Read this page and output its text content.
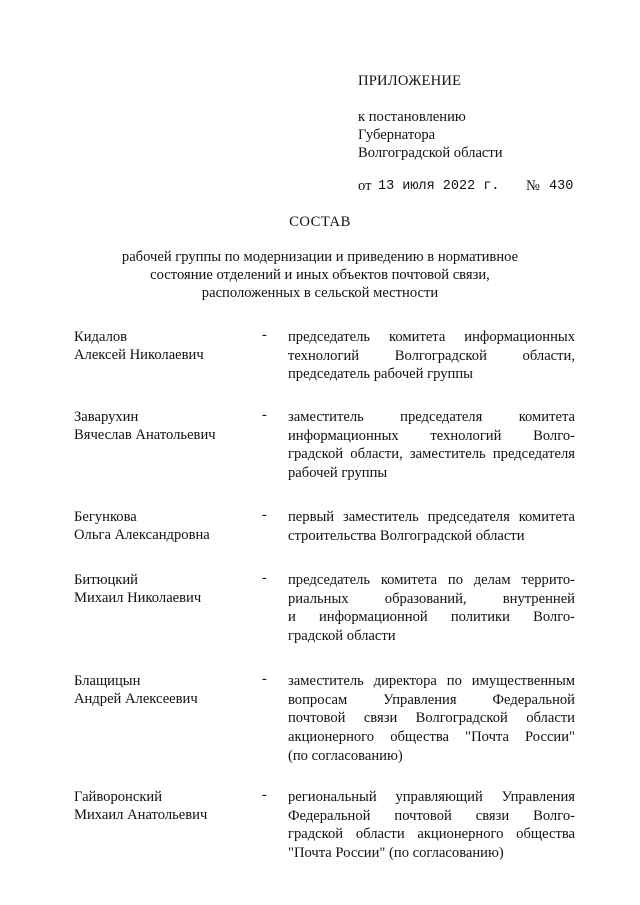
ПРИЛОЖЕНИЕ
к постановлению
Губернатора
Волгоградской области
от 13 июля 2022 г. № 430
СОСТАВ
рабочей группы по модернизации и приведению в нормативное
состояние отделений и иных объектов почтовой связи,
расположенных в сельской местности
Кидалов
Алексей Николаевич
- председатель комитета информационных
технологий Волгоградской области,
председатель рабочей группы
Заварухин
Вячеслав Анатольевич
- заместитель председателя комитета
информационных технологий Волго-
градской области, заместитель председателя
рабочей группы
Бегункова
Ольга Александровна
- первый заместитель председателя комитета
строительства Волгоградской области
Битюцкий
Михаил Николаевич
- председатель комитета по делам террито-
риальных образований, внутренней
и информационной политики Волго-
градской области
Блащицын
Андрей Алексеевич
- заместитель директора по имущественным
вопросам Управления Федеральной
почтовой связи Волгоградской области
акционерного общества "Почта России"
(по согласованию)
Гайворонский
Михаил Анатольевич
- региональный управляющий Управления
Федеральной почтовой связи Волго-
градской области акционерного общества
"Почта России" (по согласованию)
